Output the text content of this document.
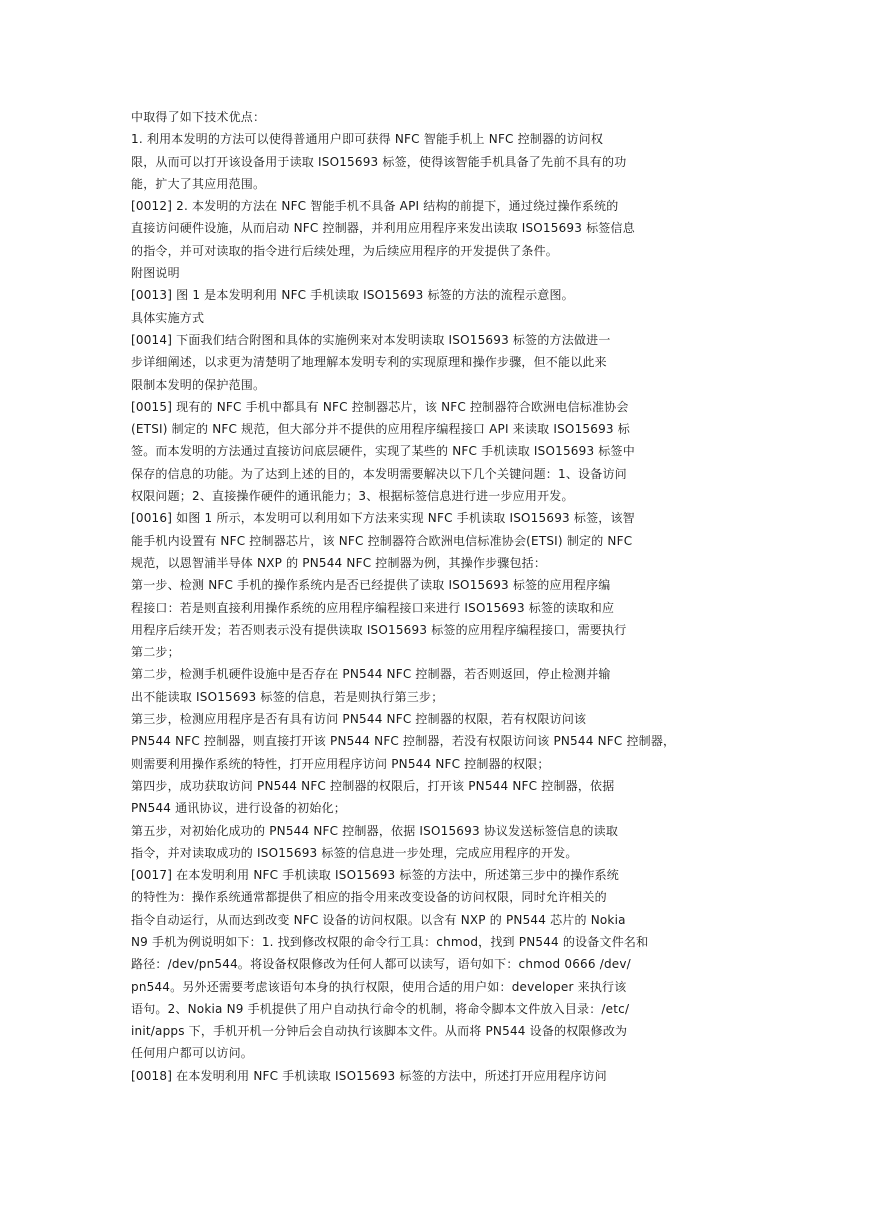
中取得了如下技术优点：
1. 利用本发明的方法可以使得普通用户即可获得 NFC 智能手机上 NFC 控制器的访问权
限，从而可以打开该设备用于读取 ISO15693 标签，使得该智能手机具备了先前不具有的功
能，扩大了其应用范围。
[0012] 2. 本发明的方法在 NFC 智能手机不具备 API 结构的前提下，通过绕过操作系统的
直接访问硬件设施，从而启动 NFC 控制器，并利用应用程序来发出读取 ISO15693 标签信息
的指令，并可对读取的指令进行后续处理，为后续应用程序的开发提供了条件。
附图说明
[0013] 图 1 是本发明利用 NFC 手机读取 ISO15693 标签的方法的流程示意图。
具体实施方式
[0014] 下面我们结合附图和具体的实施例来对本发明读取 ISO15693 标签的方法做进一
步详细阐述，以求更为清楚明了地理解本发明专利的实现原理和操作步骤，但不能以此来
限制本发明的保护范围。
[0015] 现有的 NFC 手机中都具有 NFC 控制器芯片，该 NFC 控制器符合欧洲电信标准协会
(ETSI) 制定的 NFC 规范，但大部分并不提供的应用程序编程接口 API 来读取 ISO15693 标
签。而本发明的方法通过直接访问底层硬件，实现了某些的 NFC 手机读取 ISO15693 标签中
保存的信息的功能。为了达到上述的目的，本发明需要解决以下几个关键问题：1、设备访问
权限问题；2、直接操作硬件的通讯能力；3、根据标签信息进行进一步应用开发。
[0016] 如图 1 所示，本发明可以利用如下方法来实现 NFC 手机读取 ISO15693 标签，该智
能手机内设置有 NFC 控制器芯片，该 NFC 控制器符合欧洲电信标准协会(ETSI) 制定的 NFC
规范，以恩智浦半导体 NXP 的 PN544 NFC 控制器为例，其操作步骤包括：
第一步、检测 NFC 手机的操作系统内是否已经提供了读取 ISO15693 标签的应用程序编
程接口：若是则直接利用操作系统的应用程序编程接口来进行 ISO15693 标签的读取和应
用程序后续开发；若否则表示没有提供读取 ISO15693 标签的应用程序编程接口，需要执行
第二步；
第二步，检测手机硬件设施中是否存在 PN544 NFC 控制器，若否则返回，停止检测并输
出不能读取 ISO15693 标签的信息，若是则执行第三步；
第三步，检测应用程序是否有具有访问 PN544 NFC 控制器的权限，若有权限访问该
PN544 NFC 控制器，则直接打开该 PN544 NFC 控制器，若没有权限访问该 PN544 NFC 控制器，
则需要利用操作系统的特性，打开应用程序访问 PN544 NFC 控制器的权限；
第四步，成功获取访问 PN544 NFC 控制器的权限后，打开该 PN544 NFC 控制器，依据
PN544 通讯协议，进行设备的初始化；
第五步，对初始化成功的 PN544 NFC 控制器，依据 ISO15693 协议发送标签信息的读取
指令，并对读取成功的 ISO15693 标签的信息进一步处理，完成应用程序的开发。
[0017] 在本发明利用 NFC 手机读取 ISO15693 标签的方法中，所述第三步中的操作系统
的特性为：操作系统通常都提供了相应的指令用来改变设备的访问权限，同时允许相关的
指令自动运行，从而达到改变 NFC 设备的访问权限。以含有 NXP 的 PN544 芯片的 Nokia
N9 手机为例说明如下：1. 找到修改权限的命令行工具：chmod，找到 PN544 的设备文件名和
路径：/dev/pn544。将设备权限修改为任何人都可以读写，语句如下：chmod 0666 /dev/
pn544。另外还需要考虑该语句本身的执行权限，使用合适的用户如：developer 来执行该
语句。2、Nokia N9 手机提供了用户自动执行命令的机制，将命令脚本文件放入目录：/etc/
init/apps 下，手机开机一分钟后会自动执行该脚本文件。从而将 PN544 设备的权限修改为
任何用户都可以访问。
[0018] 在本发明利用 NFC 手机读取 ISO15693 标签的方法中，所述打开应用程序访问
